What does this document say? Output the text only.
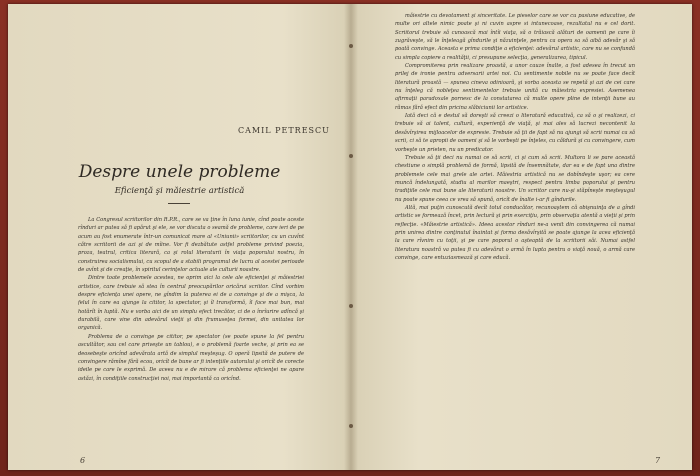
CAMIL PETRESCU
Despre unele probleme
Eficienţă şi măiestrie artistică

La Congresul scriitorilor din R.P.R., care se va ţine în luna iunie, cînd poate aceste rînduri ar putea să fi apărut şi ele, se vor discuta o seamă de probleme, care ieri de pe acum au fost enumerate într-un comunicat mare al «Uniunii» scriitorilor, cu un cuvînt către scriitorii de azi şi de mîine. Vor fi dezbătute astfel probleme privind poezia, proza, teatrul, critica literară, ca şi rolul literaturii în viaţa poporului nostru, în construirea socialismului, cu scopul de a stabili programul de lucru al acestei perioade de avînt şi de creaţie, în spiritul cerinţelor actuale ale culturii noastre.

Dintre toate problemele acestea, ne oprim aici la cele ale eficienţei şi măiestriei artistice, care trebuie să stea în centrul preocupărilor oricărui scriitor. Cînd vorbim despre eficienţa unei opere, ne gîndim la puterea ei de a convinge şi de a mişca, la felul în care ea ajunge la cititor, la spectator, şi îl transformă, îl face mai bun, mai hotărît în luptă. Nu e vorba aici de un simplu efect trecător, ci de o înrîurire adîncă şi durabilă, care vine din adevărul vieţii şi din frumuseţea formei, din unitatea lor organică.

Problema de a convinge pe cititor, pe spectator (se poate spune la fel pentru ascultător, sau cel care priveşte un tablou), e o problemă foarte veche, şi prin ea se deosebeşte oricînd adevărata artă de simplul meşteşug. O operă lipsită de putere de convingere rămîne fără ecou, oricît de bune ar fi intenţiile autorului şi oricît de corecte ideile pe care le exprimă. De aceea nu e de mirare că problema eficienţei ne apare astăzi, în condiţiile construcţiei noi, mai importantă ca oricînd.

6

măiestrie cu devotament şi sinceritate. Le pieselor care se vor cu pasiune educative, de multe ori altele nimic poate şi ni cuvin aspre si intunecoase, rezultatul nu e cel dorit. Scriitorul trebuie să cunoască mai întîi viaţa, să o trăiască alături de oamenii pe care îi zugrăveşte, să le înţeleagă gîndurile şi năzuinţele, pentru ca opera sa să aibă adevăr şi să poată convinge. Aceasta e prima condiţie a eficienţei: adevărul artistic, care nu se confundă cu simpla copiere a realităţii, ci presupune selecţia, generalizarea, tipicul.

Compromiterea prin realizare proastă, a unor cauze înalte, a fost adesea în trecut un prilej de ironie pentru adversarii artei noi. Cu sentimente nobile nu se poate face decît literatură proastă — spunea cineva odinioară, şi vorba aceasta se repetă şi azi de cei care nu înţeleg că nobleţea sentimentelor trebuie unită cu măiestria expresiei. Asemenea afirmaţii paradoxale pornesc de la constatarea că multe opere pline de intenţii bune au rămas fără efect din pricina slăbiciunii lor artistice.

Iată deci că e destul să doreşti să creezi o literatură educativă, ca să o şi realizezi, ci trebuie să ai talent, cultură, experienţă de viaţă, şi mai ales să lucrezi necontenit la desăvîrşirea mijloacelor de expresie. Trebuie să ţii de fapt să nu ajungi să scrii numai ca să scrii, ci să te apropii de oameni şi să le vorbeşti pe înţeles, cu căldură şi cu convingere, cum vorbeşte un prieten, nu un predicator.

Trebuie să ţii deci nu numai ce să scrii, ci şi cum să scrii. Multora li se pare această chestiune o simplă problemă de formă, lipsită de însemnătate, dar ea e de fapt una dintre problemele cele mai grele ale artei. Măiestria artistică nu se dobîndeşte uşor; ea cere muncă îndelungată, studiu al marilor maeştri, respect pentru limba poporului şi pentru tradiţiile cele mai bune ale literaturii noastre. Un scriitor care nu-şi stăpîneşte meşteşugul nu poate spune ceea ce vrea să spună, oricît de înalte i-ar fi gîndurile.

Altă, mai puţin cunoscută decît totul conducător, recunoaştem că obişnuinţa de a gîndi artistic se formează încet, prin lectură şi prin exerciţiu, prin observaţia atentă a vieţii şi prin reflecţie. «Măiestrie artistică». Ideea acestor rînduri ne-a venit din convingerea că numai prin unirea dintre conţinutul înaintat şi forma desăvîrşită se poate ajunge la acea eficienţă la care rîvnim cu toţii, şi pe care poporul o aşteaptă de la scriitorii săi. Numai astfel literatura noastră va putea fi cu adevărat o armă în lupta pentru o viaţă nouă, o armă care convinge, care entuziasmează şi care educă.

7
